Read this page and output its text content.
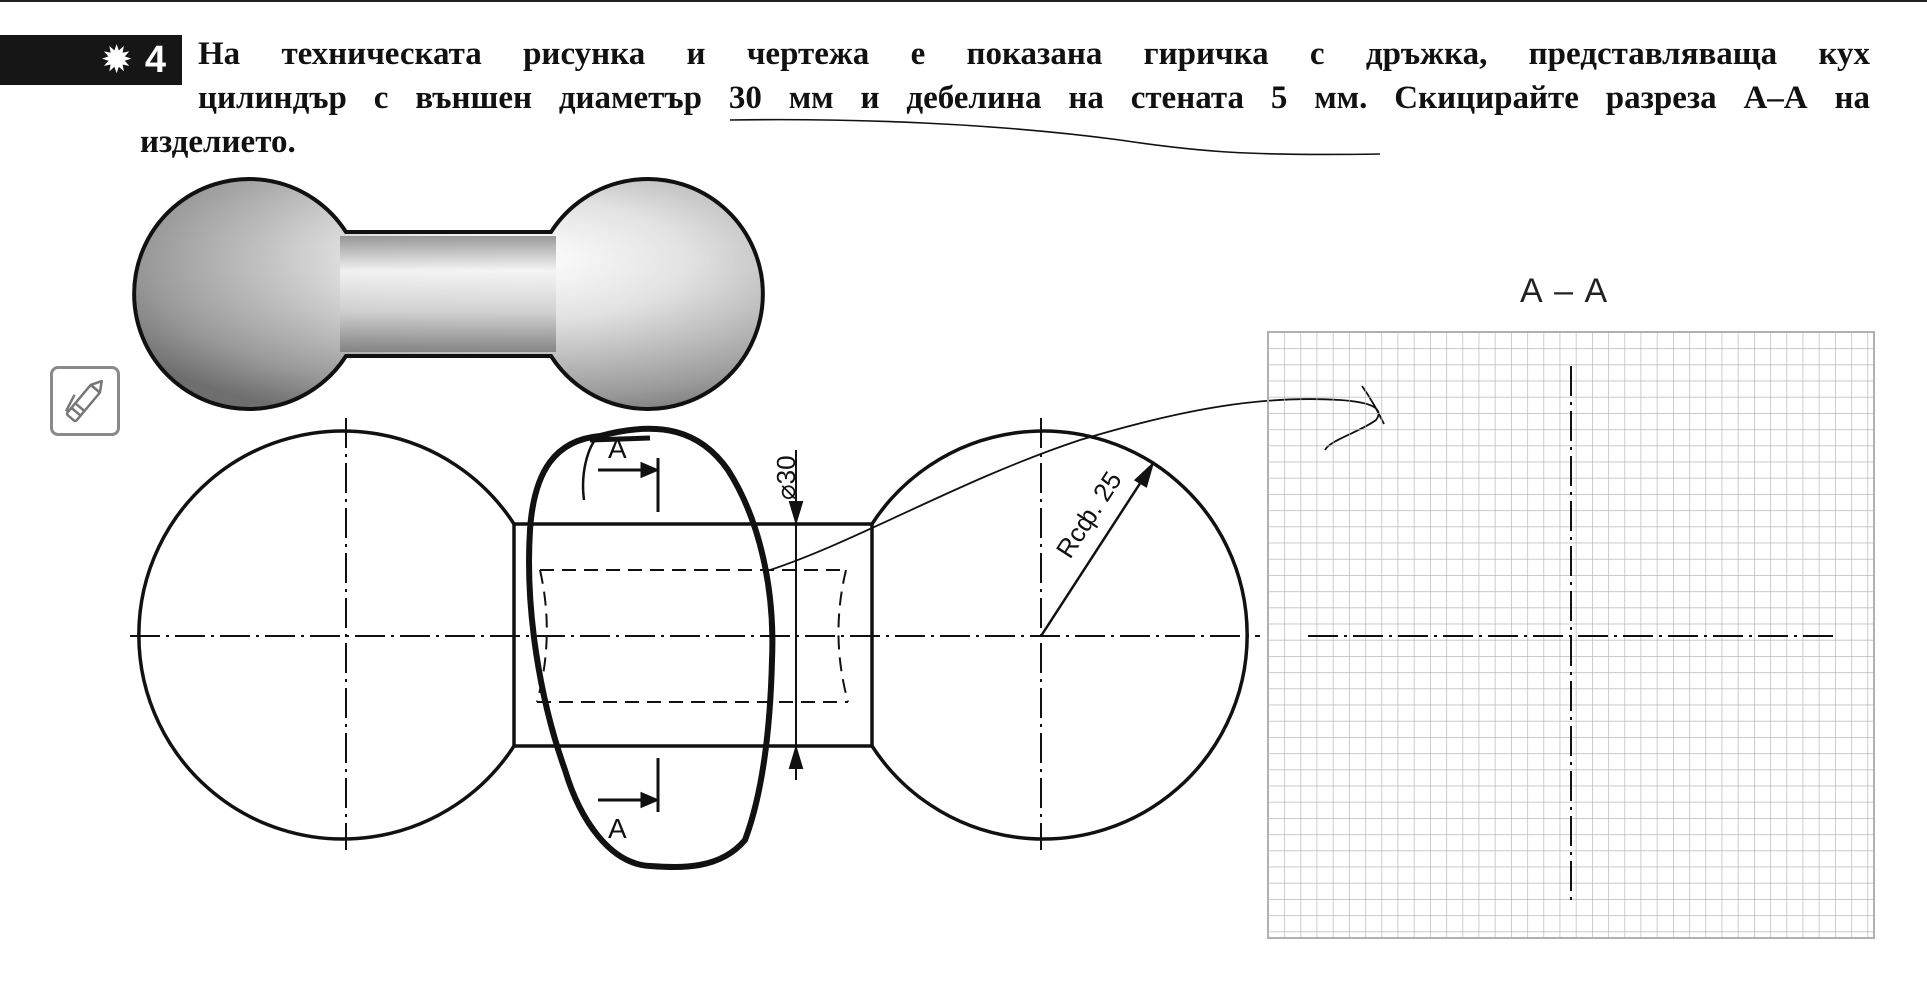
✹ 4 На техническата рисунка и чертежа е показана гиричка с дръжка, представляваща кух
цилиндър с външен диаметър 30 мм и дебелина на стената 5 мм. Скицирайте разреза А–А на
изделието.
⌀30	Rсф. 25
A
A
А – А
